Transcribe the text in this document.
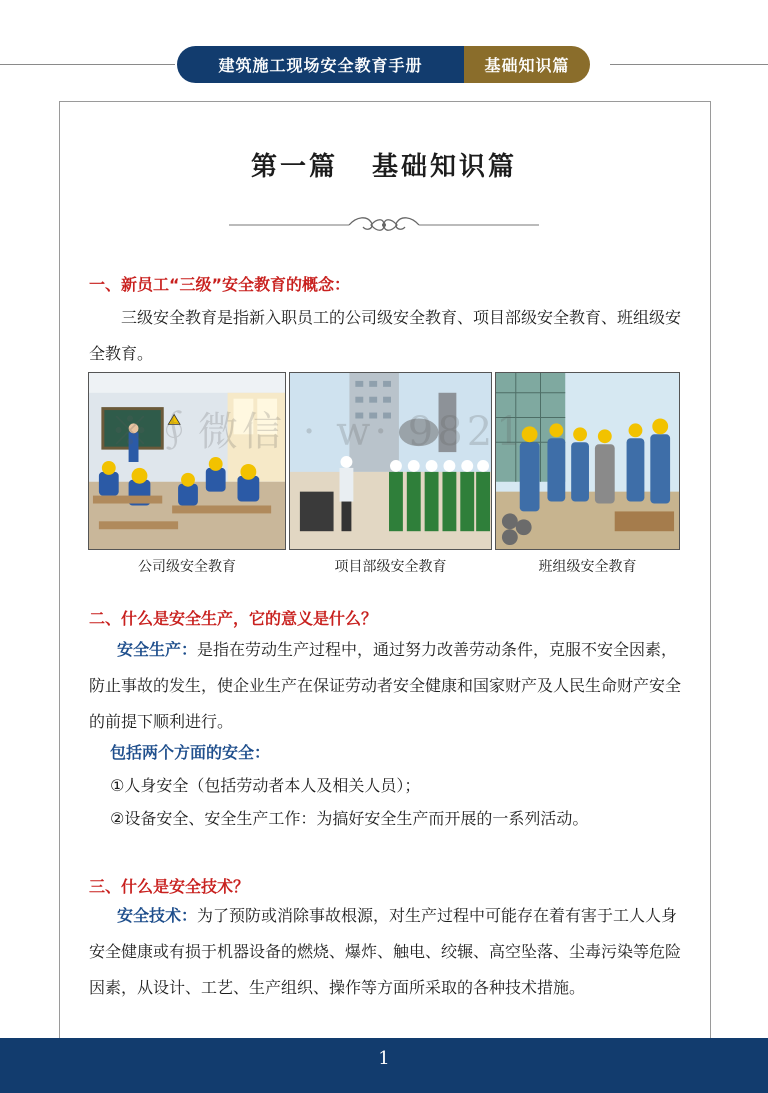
建筑施工现场安全教育手册	基础知识篇
第一篇 基础知识篇
一、新员工“三级”安全教育的概念：
三级安全教育是指新入职员工的公司级安全教育、项目部级安全教育、班组级安全教育。
公司级安全教育	项目部级安全教育	班组级安全教育
※∮微信 · w· 9821
二、什么是安全生产，它的意义是什么？
安全生产：是指在劳动生产过程中，通过努力改善劳动条件，克服不安全因素，防止事故的发生，使企业生产在保证劳动者安全健康和国家财产及人民生命财产安全的前提下顺利进行。
包括两个方面的安全：
①人身安全（包括劳动者本人及相关人员）；
②设备安全、安全生产工作：为搞好安全生产而开展的一系列活动。
三、什么是安全技术？
安全技术：为了预防或消除事故根源，对生产过程中可能存在着有害于工人人身安全健康或有损于机器设备的燃烧、爆炸、触电、绞辗、高空坠落、尘毒污染等危险因素，从设计、工艺、生产组织、操作等方面所采取的各种技术措施。
1
